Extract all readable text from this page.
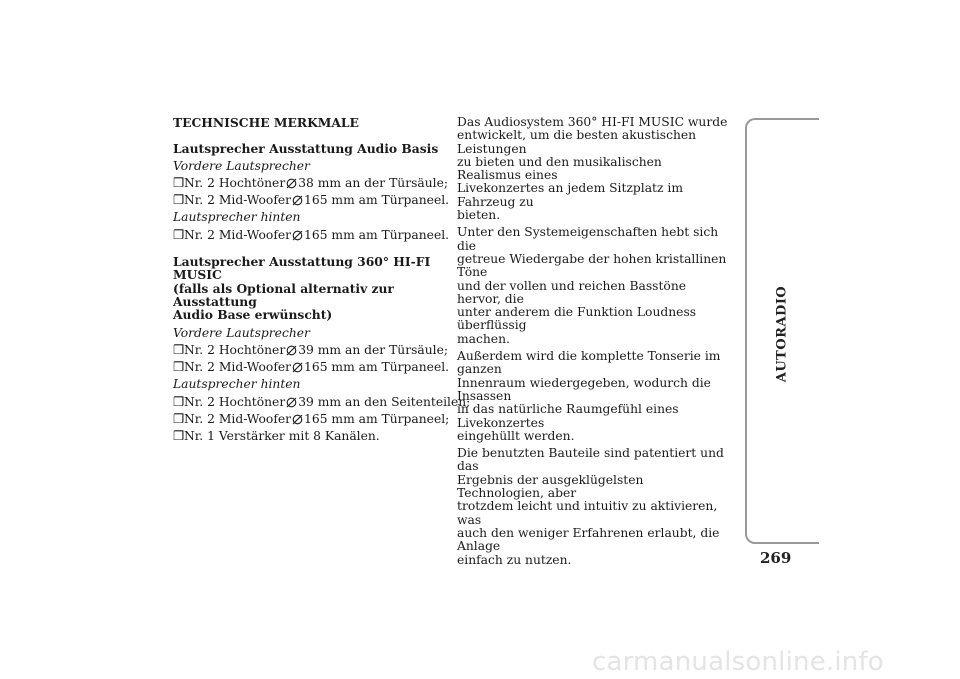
TECHNISCHE MERKMALE
Lautsprecher Ausstattung Audio Basis
Vordere Lautsprecher
❒Nr. 2 Hochtöner 38 mm an der Türsäule;
❒Nr. 2 Mid-Woofer 165 mm am Türpaneel.
Lautsprecher hinten
❒Nr. 2 Mid-Woofer 165 mm am Türpaneel.
Lautsprecher Ausstattung 360° HI-FI MUSIC
(falls als Optional alternativ zur Ausstattung
Audio Base erwünscht)
Vordere Lautsprecher
❒Nr. 2 Hochtöner 39 mm an der Türsäule;
❒Nr. 2 Mid-Woofer 165 mm am Türpaneel.
Lautsprecher hinten
❒Nr. 2 Hochtöner 39 mm an den Seitenteilen;
❒Nr. 2 Mid-Woofer 165 mm am Türpaneel;
❒Nr. 1 Verstärker mit 8 Kanälen.

Das Audiosystem 360° HI-FI MUSIC wurde
entwickelt, um die besten akustischen Leistungen
zu bieten und den musikalischen Realismus eines
Livekonzertes an jedem Sitzplatz im Fahrzeug zu
bieten.

Unter den Systemeigenschaften hebt sich die
getreue Wiedergabe der hohen kristallinen Töne
und der vollen und reichen Basstöne hervor, die
unter anderem die Funktion Loudness überflüssig
machen.

Außerdem wird die komplette Tonserie im ganzen
Innenraum wiedergegeben, wodurch die Insassen
in das natürliche Raumgefühl eines Livekonzertes
eingehüllt werden.

Die benutzten Bauteile sind patentiert und das
Ergebnis der ausgeklügelsten Technologien, aber
trotzdem leicht und intuitiv zu aktivieren, was
auch den weniger Erfahrenen erlaubt, die Anlage
einfach zu nutzen.

AUTORADIO
269
carmanualsonline.info
